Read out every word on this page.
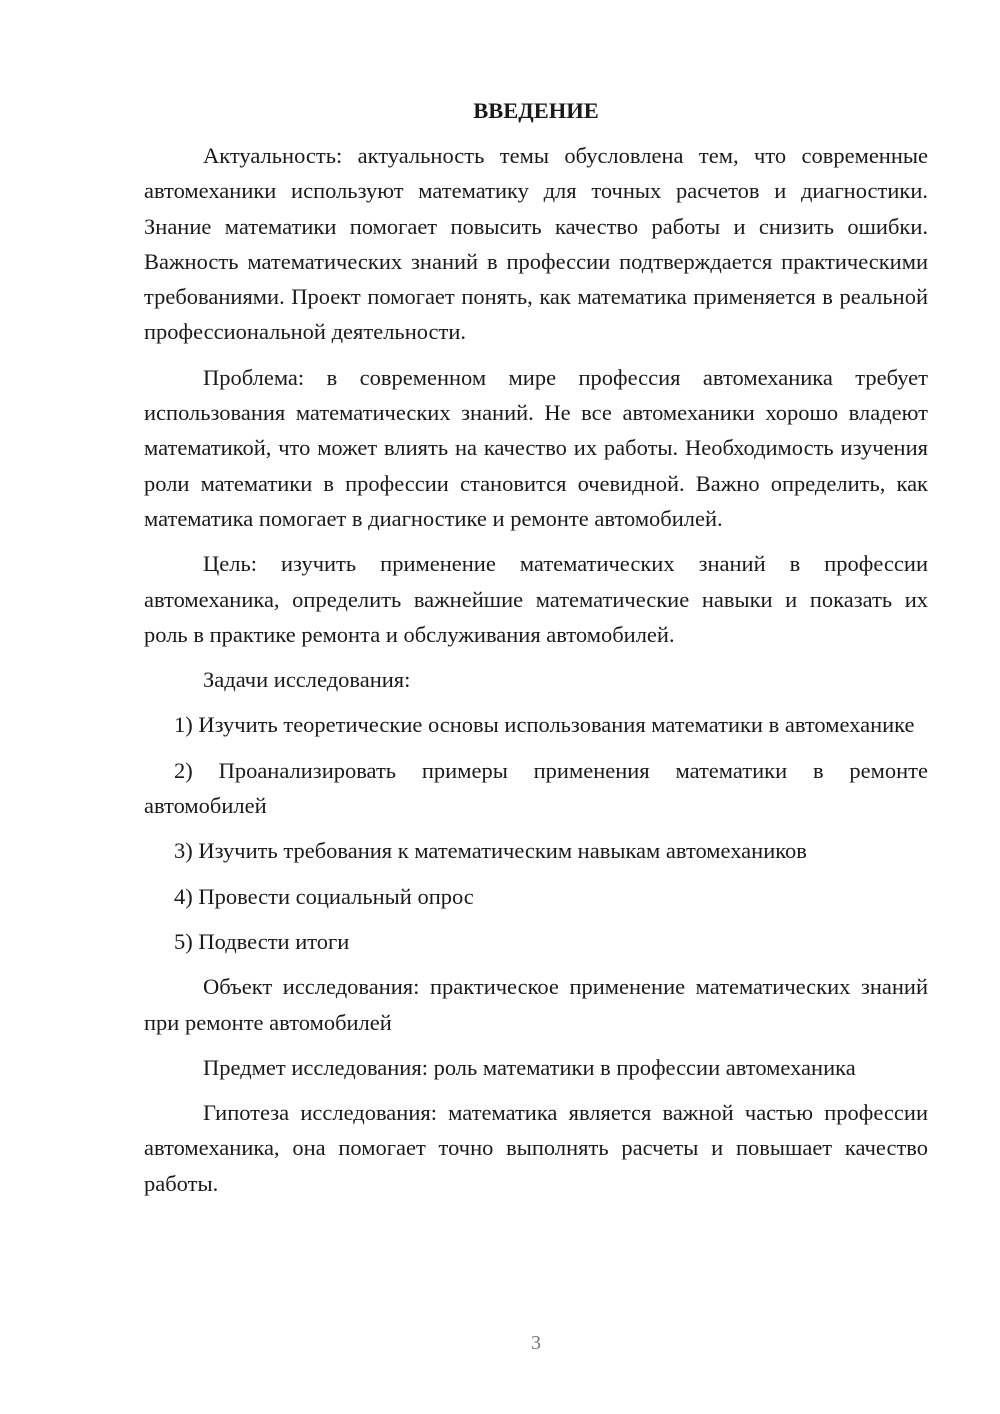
ВВЕДЕНИЕ

Актуальность: актуальность темы обусловлена тем, что современные автомеханики используют математику для точных расчетов и диагностики. Знание математики помогает повысить качество работы и снизить ошибки. Важность математических знаний в профессии подтверждается практическими требованиями. Проект помогает понять, как математика применяется в реальной профессиональной деятельности.

Проблема: в современном мире профессия автомеханика требует использования математических знаний. Не все автомеханики хорошо владеют математикой, что может влиять на качество их работы. Необходимость изучения роли математики в профессии становится очевидной. Важно определить, как математика помогает в диагностике и ремонте автомобилей.

Цель: изучить применение математических знаний в профессии автомеханика, определить важнейшие математические навыки и показать их роль в практике ремонта и обслуживания автомобилей.

Задачи исследования:

1) Изучить теоретические основы использования математики в автомеханике

2) Проанализировать примеры применения математики в ремонте автомобилей

3) Изучить требования к математическим навыкам автомехаников

4) Провести социальный опрос

5) Подвести итоги

Объект исследования: практическое применение математических знаний при ремонте автомобилей

Предмет исследования: роль математики в профессии автомеханика

Гипотеза исследования: математика является важной частью профессии автомеханика, она помогает точно выполнять расчеты и повышает качество работы.

3
